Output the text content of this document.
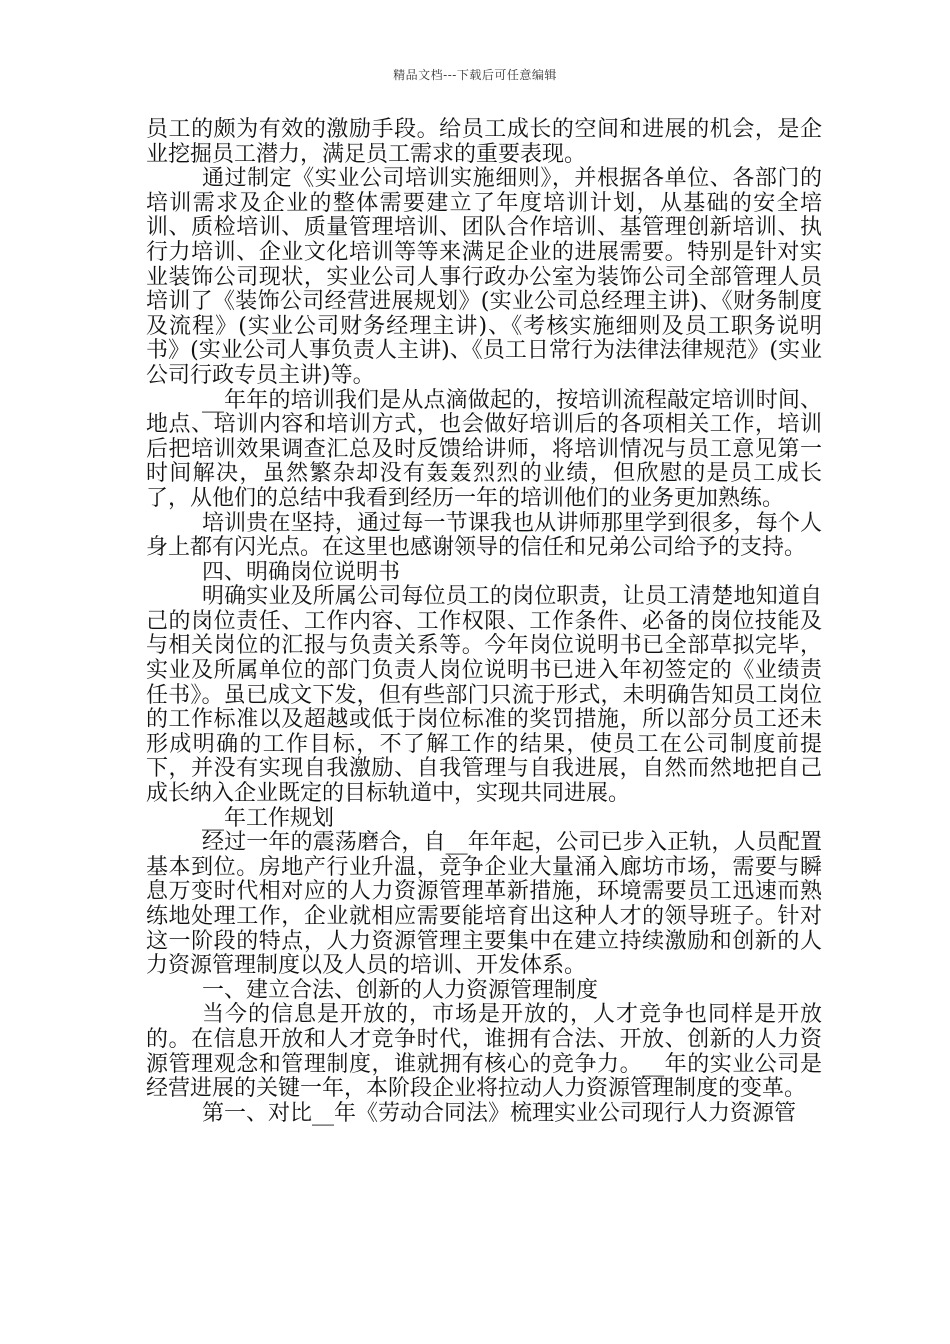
精品文档---下载后可任意编辑

员工的颇为有效的激励手段。给员工成长的空间和进展的机会，是企业挖掘员工潜力，满足员工需求的重要表现。

通过制定《实业公司培训实施细则》，并根据各单位、各部门的培训需求及企业的整体需要建立了年度培训计划，从基础的安全培训、质检培训、质量管理培训、团队合作培训、基管理创新培训、执行力培训、企业文化培训等等来满足企业的进展需要。特别是针对实业装饰公司现状，实业公司人事行政办公室为装饰公司全部管理人员培训了《装饰公司经营进展规划》(实业公司总经理主讲)、《财务制度及流程》(实业公司财务经理主讲)、《考核实施细则及员工职务说明书》(实业公司人事负责人主讲)、《员工日常行为法律法律规范》(实业公司行政专员主讲)等。

__年年的培训我们是从点滴做起的，按培训流程敲定培训时间、地点、培训内容和培训方式，也会做好培训后的各项相关工作，培训后把培训效果调查汇总及时反馈给讲师，将培训情况与员工意见第一时间解决，虽然繁杂却没有轰轰烈烈的业绩，但欣慰的是员工成长了，从他们的总结中我看到经历一年的培训他们的业务更加熟练。

培训贵在坚持，通过每一节课我也从讲师那里学到很多，每个人身上都有闪光点。在这里也感谢领导的信任和兄弟公司给予的支持。

四、明确岗位说明书

明确实业及所属公司每位员工的岗位职责，让员工清楚地知道自己的岗位责任、工作内容、工作权限、工作条件、必备的岗位技能及与相关岗位的汇报与负责关系等。今年岗位说明书已全部草拟完毕，实业及所属单位的部门负责人岗位说明书已进入年初签定的《业绩责任书》。虽已成文下发，但有些部门只流于形式，未明确告知员工岗位的工作标准以及超越或低于岗位标准的奖罚措施，所以部分员工还未形成明确的工作目标，不了解工作的结果，使员工在公司制度前提下，并没有实现自我激励、自我管理与自我进展，自然而然地把自己成长纳入企业既定的目标轨道中，实现共同进展。

__年工作规划

经过一年的震荡磨合，自__年年起，公司已步入正轨，人员配置基本到位。房地产行业升温，竞争企业大量涌入廊坊市场，需要与瞬息万变时代相对应的人力资源管理革新措施，环境需要员工迅速而熟练地处理工作，企业就相应需要能培育出这种人才的领导班子。针对这一阶段的特点，人力资源管理主要集中在建立持续激励和创新的人力资源管理制度以及人员的培训、开发体系。

一、建立合法、创新的人力资源管理制度

当今的信息是开放的，市场是开放的，人才竞争也同样是开放的。在信息开放和人才竞争时代，谁拥有合法、开放、创新的人力资源管理观念和管理制度，谁就拥有核心的竞争力。__年的实业公司是经营进展的关键一年，本阶段企业将拉动人力资源管理制度的变革。

第一、对比__年《劳动合同法》梳理实业公司现行人力资源管
